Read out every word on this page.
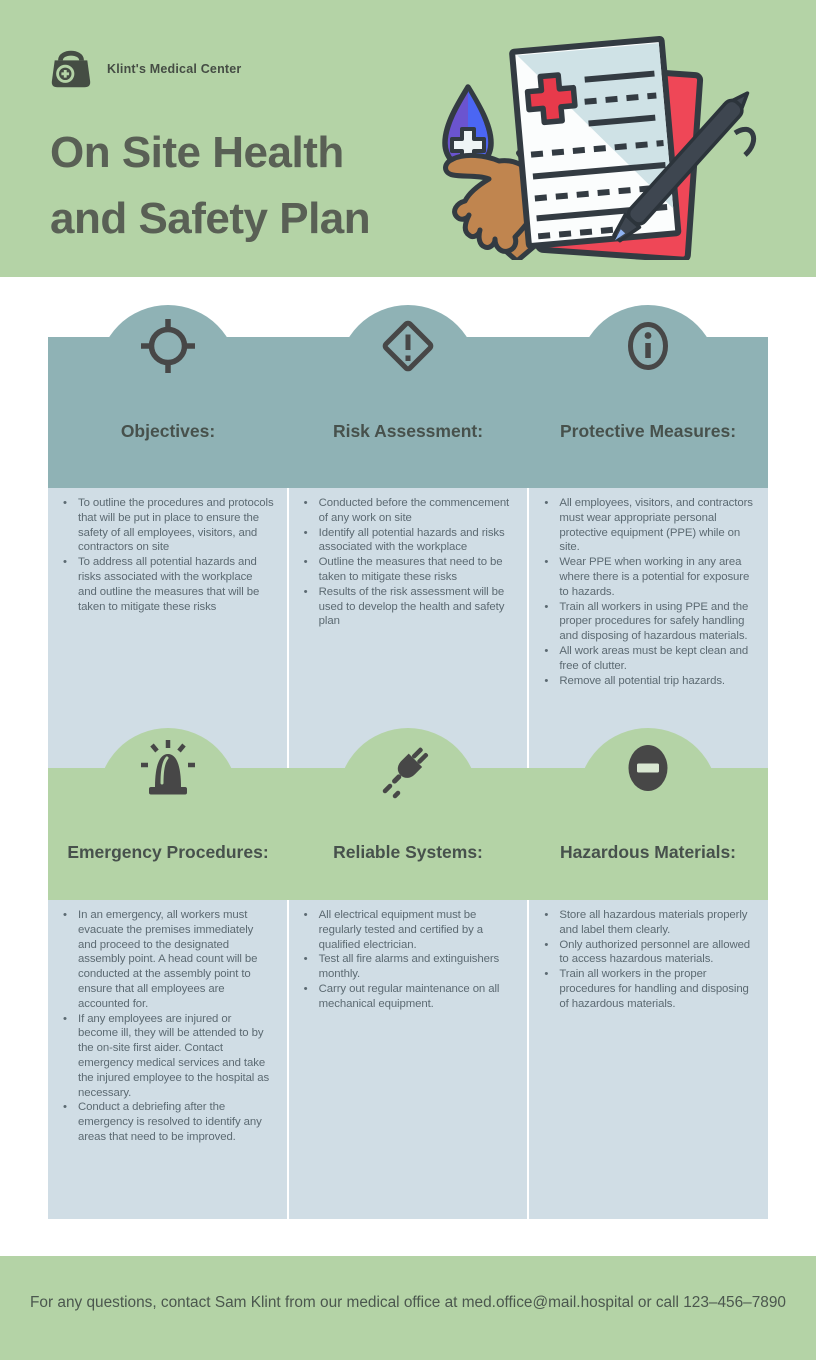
Klint's Medical Center
On Site Health
and Safety Plan
Objectives:	Risk Assessment:	Protective Measures:
• To outline the procedures and protocols that will be put in place to ensure the safety of all employees, visitors, and contractors on site
• To address all potential hazards and risks associated with the workplace and outline the measures that will be taken to mitigate these risks
• Conducted before the commencement of any work on site
• Identify all potential hazards and risks associated with the workplace
• Outline the measures that need to be taken to mitigate these risks
• Results of the risk assessment will be used to develop the health and safety plan
• All employees, visitors, and contractors must wear appropriate personal protective equipment (PPE) while on site.
• Wear PPE when working in any area where there is a potential for exposure to hazards.
• Train all workers in using PPE and the proper procedures for safely handling and disposing of hazardous materials.
• All work areas must be kept clean and free of clutter.
• Remove all potential trip hazards.
Emergency Procedures:	Reliable Systems:	Hazardous Materials:
• In an emergency, all workers must evacuate the premises immediately and proceed to the designated assembly point. A head count will be conducted at the assembly point to ensure that all employees are accounted for.
• If any employees are injured or become ill, they will be attended to by the on-site first aider. Contact emergency medical services and take the injured employee to the hospital as necessary.
• Conduct a debriefing after the emergency is resolved to identify any areas that need to be improved.
• All electrical equipment must be regularly tested and certified by a qualified electrician.
• Test all fire alarms and extinguishers monthly.
• Carry out regular maintenance on all mechanical equipment.
• Store all hazardous materials properly and label them clearly.
• Only authorized personnel are allowed to access hazardous materials.
• Train all workers in the proper procedures for handling and disposing of hazardous materials.
For any questions, contact Sam Klint from our medical office at med.office@mail.hospital or call 123–456–7890
